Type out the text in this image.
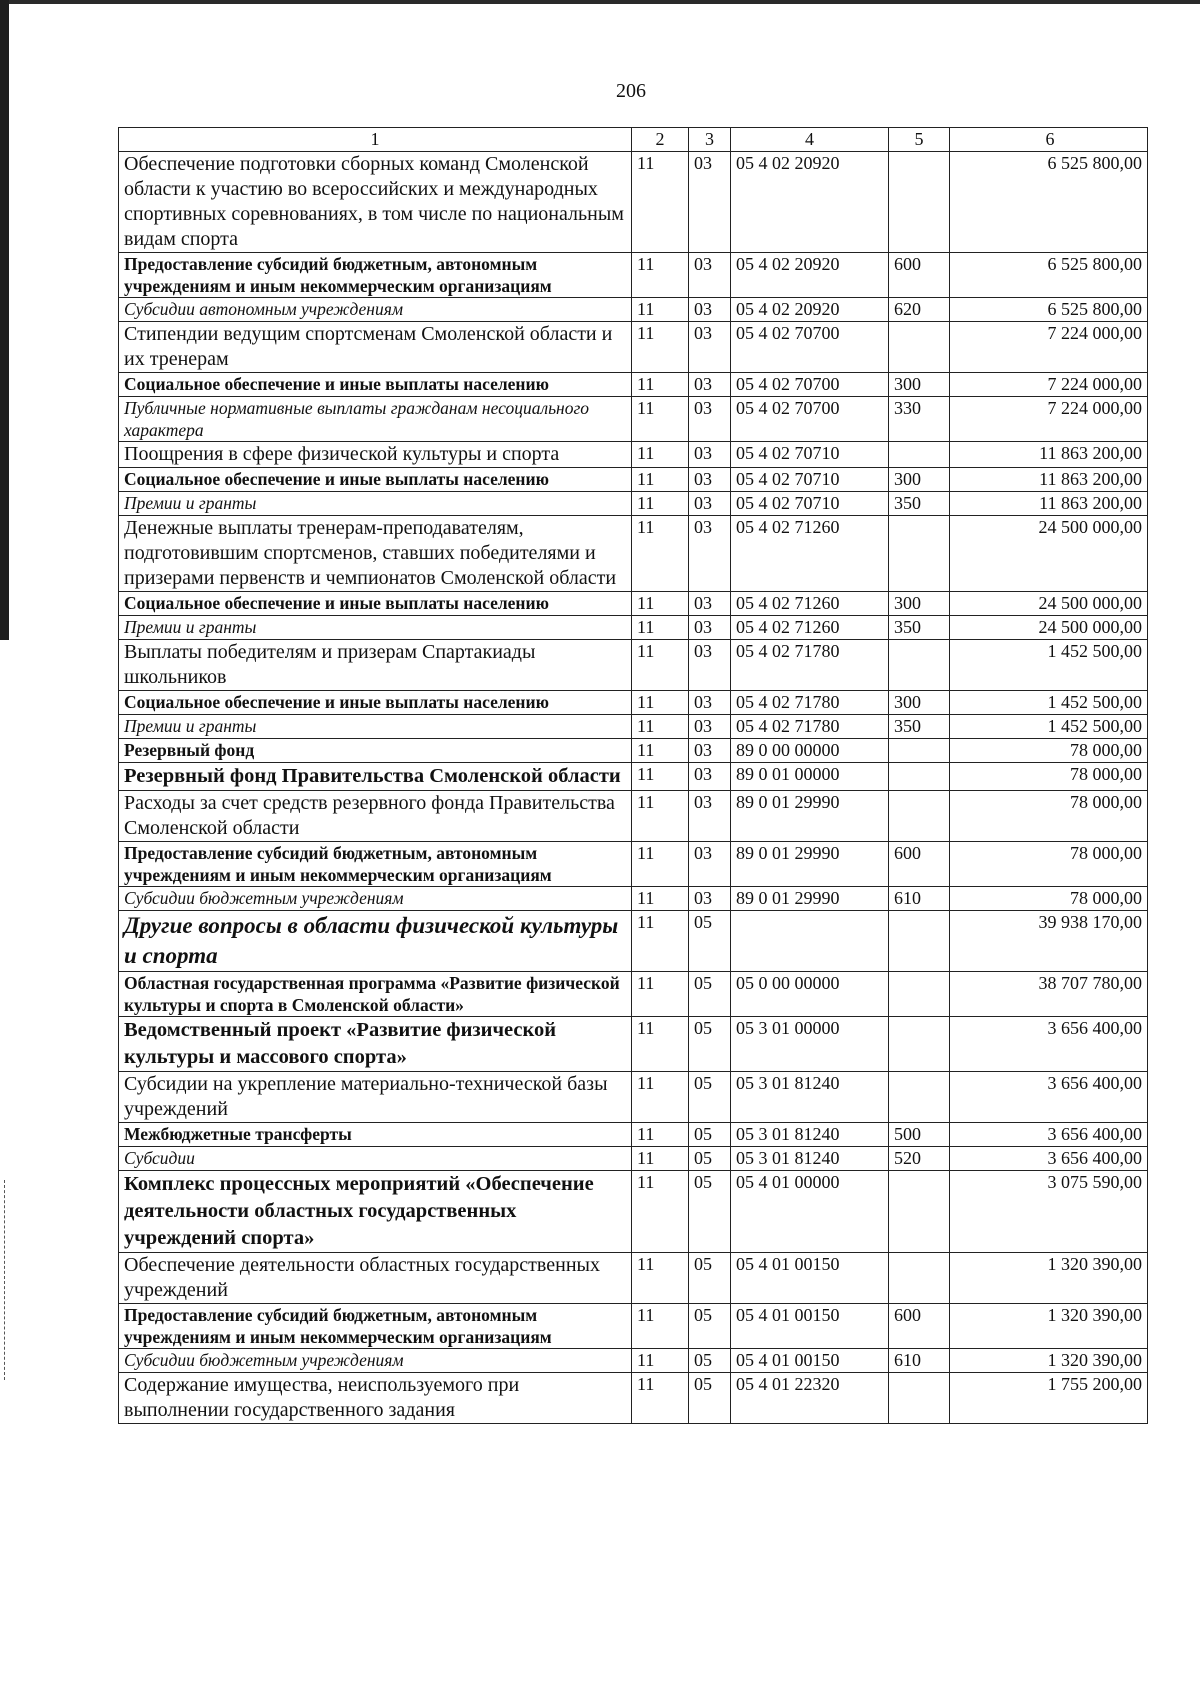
206
1	2	3	4	5	6
Обеспечение подготовки сборных команд Смоленской области к участию во всероссийских и международных спортивных соревнованиях, в том числе по национальным видам спорта	11	03	05 4 02 20920		6 525 800,00
Предоставление субсидий бюджетным, автономным учреждениям и иным некоммерческим организациям	11	03	05 4 02 20920	600	6 525 800,00
Субсидии автономным учреждениям	11	03	05 4 02 20920	620	6 525 800,00
Стипендии ведущим спортсменам Смоленской области и их тренерам	11	03	05 4 02 70700		7 224 000,00
Социальное обеспечение и иные выплаты населению	11	03	05 4 02 70700	300	7 224 000,00
Публичные нормативные выплаты гражданам несоциального характера	11	03	05 4 02 70700	330	7 224 000,00
Поощрения в сфере физической культуры и спорта	11	03	05 4 02 70710		11 863 200,00
Социальное обеспечение и иные выплаты населению	11	03	05 4 02 70710	300	11 863 200,00
Премии и гранты	11	03	05 4 02 70710	350	11 863 200,00
Денежные выплаты тренерам-преподавателям, подготовившим спортсменов, ставших победителями и призерами первенств и чемпионатов Смоленской области	11	03	05 4 02 71260		24 500 000,00
Социальное обеспечение и иные выплаты населению	11	03	05 4 02 71260	300	24 500 000,00
Премии и гранты	11	03	05 4 02 71260	350	24 500 000,00
Выплаты победителям и призерам Спартакиады школьников	11	03	05 4 02 71780		1 452 500,00
Социальное обеспечение и иные выплаты населению	11	03	05 4 02 71780	300	1 452 500,00
Премии и гранты	11	03	05 4 02 71780	350	1 452 500,00
Резервный фонд	11	03	89 0 00 00000		78 000,00
Резервный фонд Правительства Смоленской области	11	03	89 0 01 00000		78 000,00
Расходы за счет средств резервного фонда Правительства Смоленской области	11	03	89 0 01 29990		78 000,00
Предоставление субсидий бюджетным, автономным учреждениям и иным некоммерческим организациям	11	03	89 0 01 29990	600	78 000,00
Субсидии бюджетным учреждениям	11	03	89 0 01 29990	610	78 000,00
Другие вопросы в области физической культуры и спорта	11	05			39 938 170,00
Областная государственная программа «Развитие физической культуры и спорта в Смоленской области»	11	05	05 0 00 00000		38 707 780,00
Ведомственный проект «Развитие физической культуры и массового спорта»	11	05	05 3 01 00000		3 656 400,00
Субсидии на укрепление материально-технической базы учреждений	11	05	05 3 01 81240		3 656 400,00
Межбюджетные трансферты	11	05	05 3 01 81240	500	3 656 400,00
Субсидии	11	05	05 3 01 81240	520	3 656 400,00
Комплекс процессных мероприятий «Обеспечение деятельности областных государственных учреждений спорта»	11	05	05 4 01 00000		3 075 590,00
Обеспечение деятельности областных государственных учреждений	11	05	05 4 01 00150		1 320 390,00
Предоставление субсидий бюджетным, автономным учреждениям и иным некоммерческим организациям	11	05	05 4 01 00150	600	1 320 390,00
Субсидии бюджетным учреждениям	11	05	05 4 01 00150	610	1 320 390,00
Содержание имущества, неиспользуемого при выполнении государственного задания	11	05	05 4 01 22320		1 755 200,00
